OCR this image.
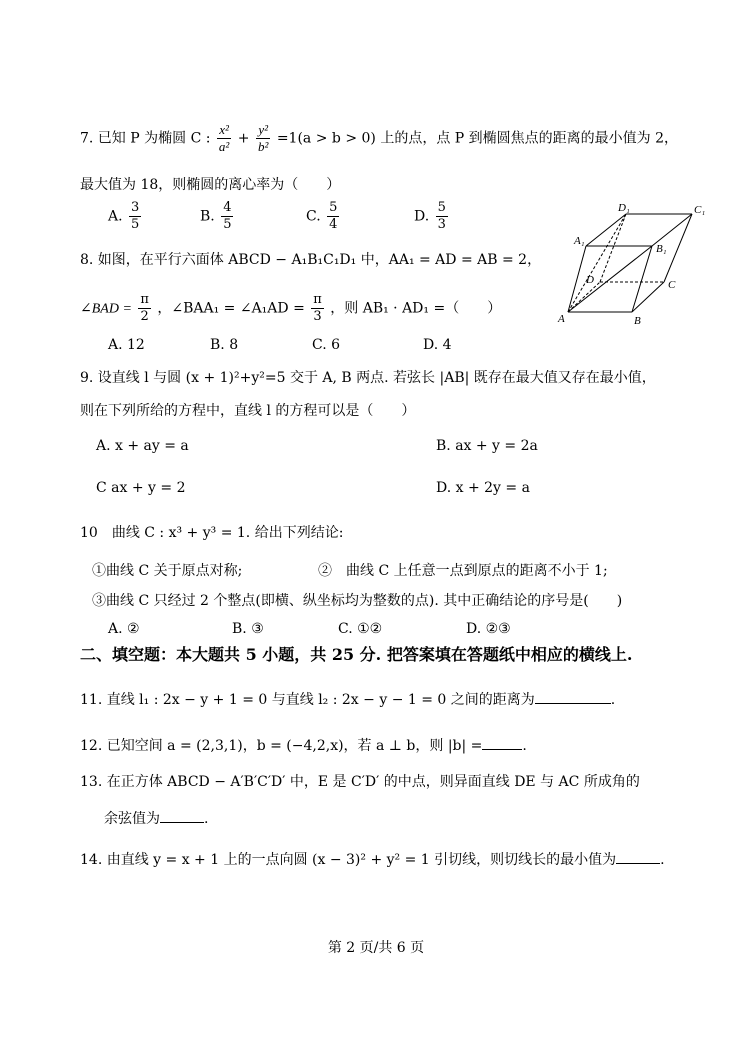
7. 已知 P 为椭圆 C : $\frac{\text{x²}}{\text{a²}} + \frac{\text{y²}}{\text{b²}} =1(a > b > 0)$ 上的点，点 P 到椭圆焦点的距离的最小值为 2，
最大值为 18，则椭圆的离心率为（　　）
A. $\frac{3}{5}$	B. $\frac{4}{5}$	C. $\frac{5}{4}$	D. $\frac{5}{3}$	D₁	C₁
A₁
B₁
D	C
A	B
8. 如图，在平行六面体 ABCD − A₁B₁C₁D₁ 中，AA₁ = AD = AB = 2，
∠BAD = $\frac{\pi}{2}$ ，∠BAA₁ = ∠A₁AD = $\frac{\pi}{3}$ ，则 AB₁ · AD₁ =（　　）
A. 12	B. 8	C. 6	D. 4
9. 设直线 l 与圆 (x + 1)²+y²=5 交于 A, B 两点. 若弦长 |AB| 既存在最大值又存在最小值，
则在下列所给的方程中，直线 l 的方程可以是（　　）
A. x + ay = a	B. ax + y = 2a
C ax + y = 2	D. x + 2y = a
10　曲线 C : x³ + y³ = 1. 给出下列结论:
①曲线 C 关于原点对称;	②　曲线 C 上任意一点到原点的距离不小于 1;
③曲线 C 只经过 2 个整点(即横、纵坐标均为整数的点). 其中正确结论的序号是(　　)
A. ②	B. ③	C. ①②	D. ②③
二、填空题：本大题共 5 小题，共 25 分. 把答案填在答题纸中相应的横线上.
11. 直线 l₁ : 2x − y + 1 = 0 与直线 l₂ : 2x − y − 1 = 0 之间的距离为	.
12. 已知空间 a = (2,3,1)，b = (−4,2,x)，若 a ⊥ b，则 |b| =	.
13. 在正方体 ABCD − A′B′C′D′ 中，E 是 C′D′ 的中点，则异面直线 DE 与 AC 所成角的
余弦值为	.
14. 由直线 y = x + 1 上的一点向圆 (x − 3)² + y² = 1 引切线，则切线长的最小值为	.
第 2 页/共 6 页
